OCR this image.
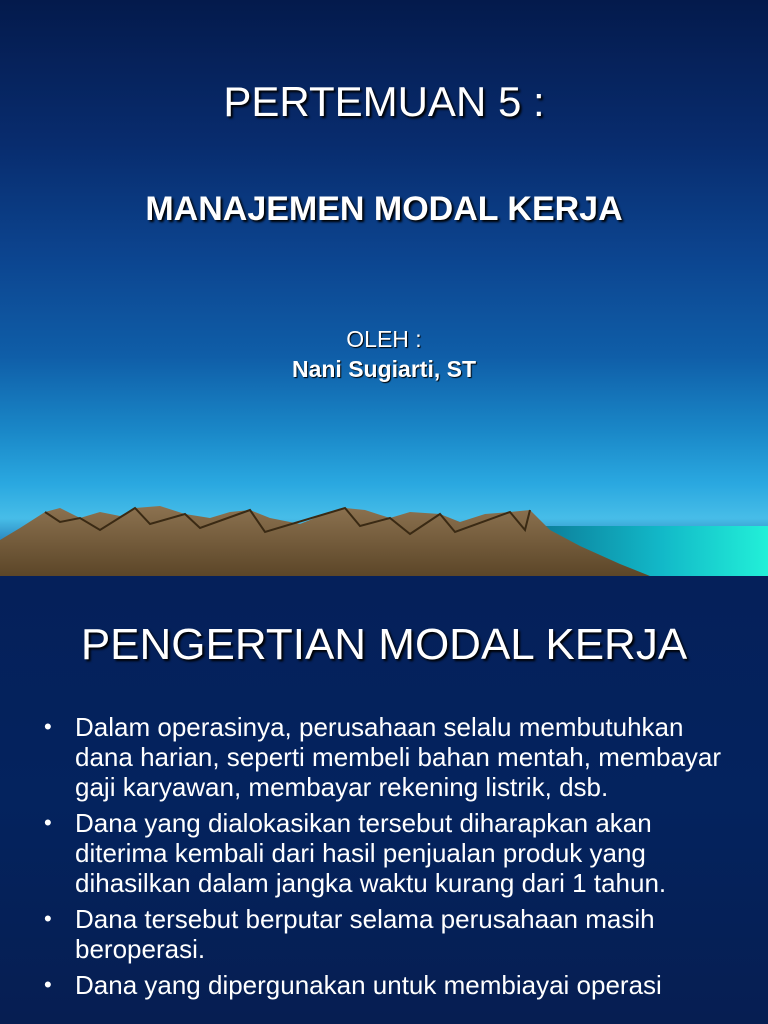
PERTEMUAN 5 :
MANAJEMEN MODAL KERJA
OLEH :
Nani Sugiarti, ST
PENGERTIAN MODAL KERJA
• Dalam operasinya, perusahaan selalu membutuhkan dana harian, seperti membeli bahan mentah, membayar gaji karyawan, membayar rekening listrik, dsb.
• Dana yang dialokasikan tersebut diharapkan akan diterima kembali dari hasil penjualan produk yang dihasilkan dalam jangka waktu kurang dari 1 tahun.
• Dana tersebut berputar selama perusahaan masih beroperasi.
• Dana yang dipergunakan untuk membiayai operasi
